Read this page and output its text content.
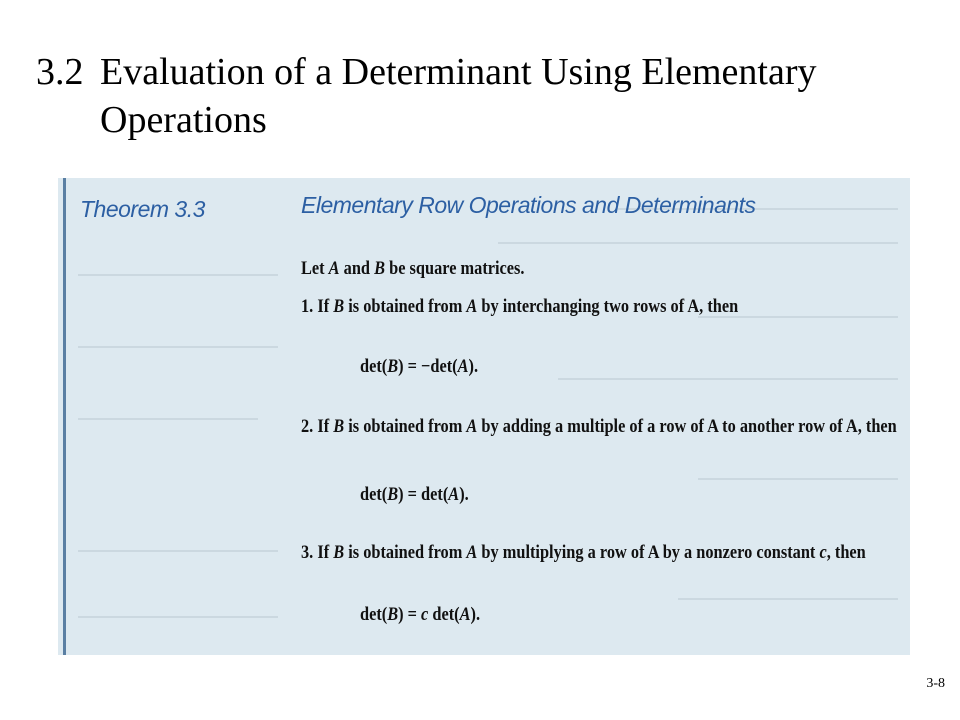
3.2 Evaluation of a Determinant Using Elementary
Operations
Theorem 3.3	Elementary Row Operations and Determinants
Let A and B be square matrices.
1. If B is obtained from A by interchanging two rows of A, then
det(B) = −det(A).
2. If B is obtained from A by adding a multiple of a row of A to another row of A, then
det(B) = det(A).
3. If B is obtained from A by multiplying a row of A by a nonzero constant c, then
det(B) = c det(A).
3-8
